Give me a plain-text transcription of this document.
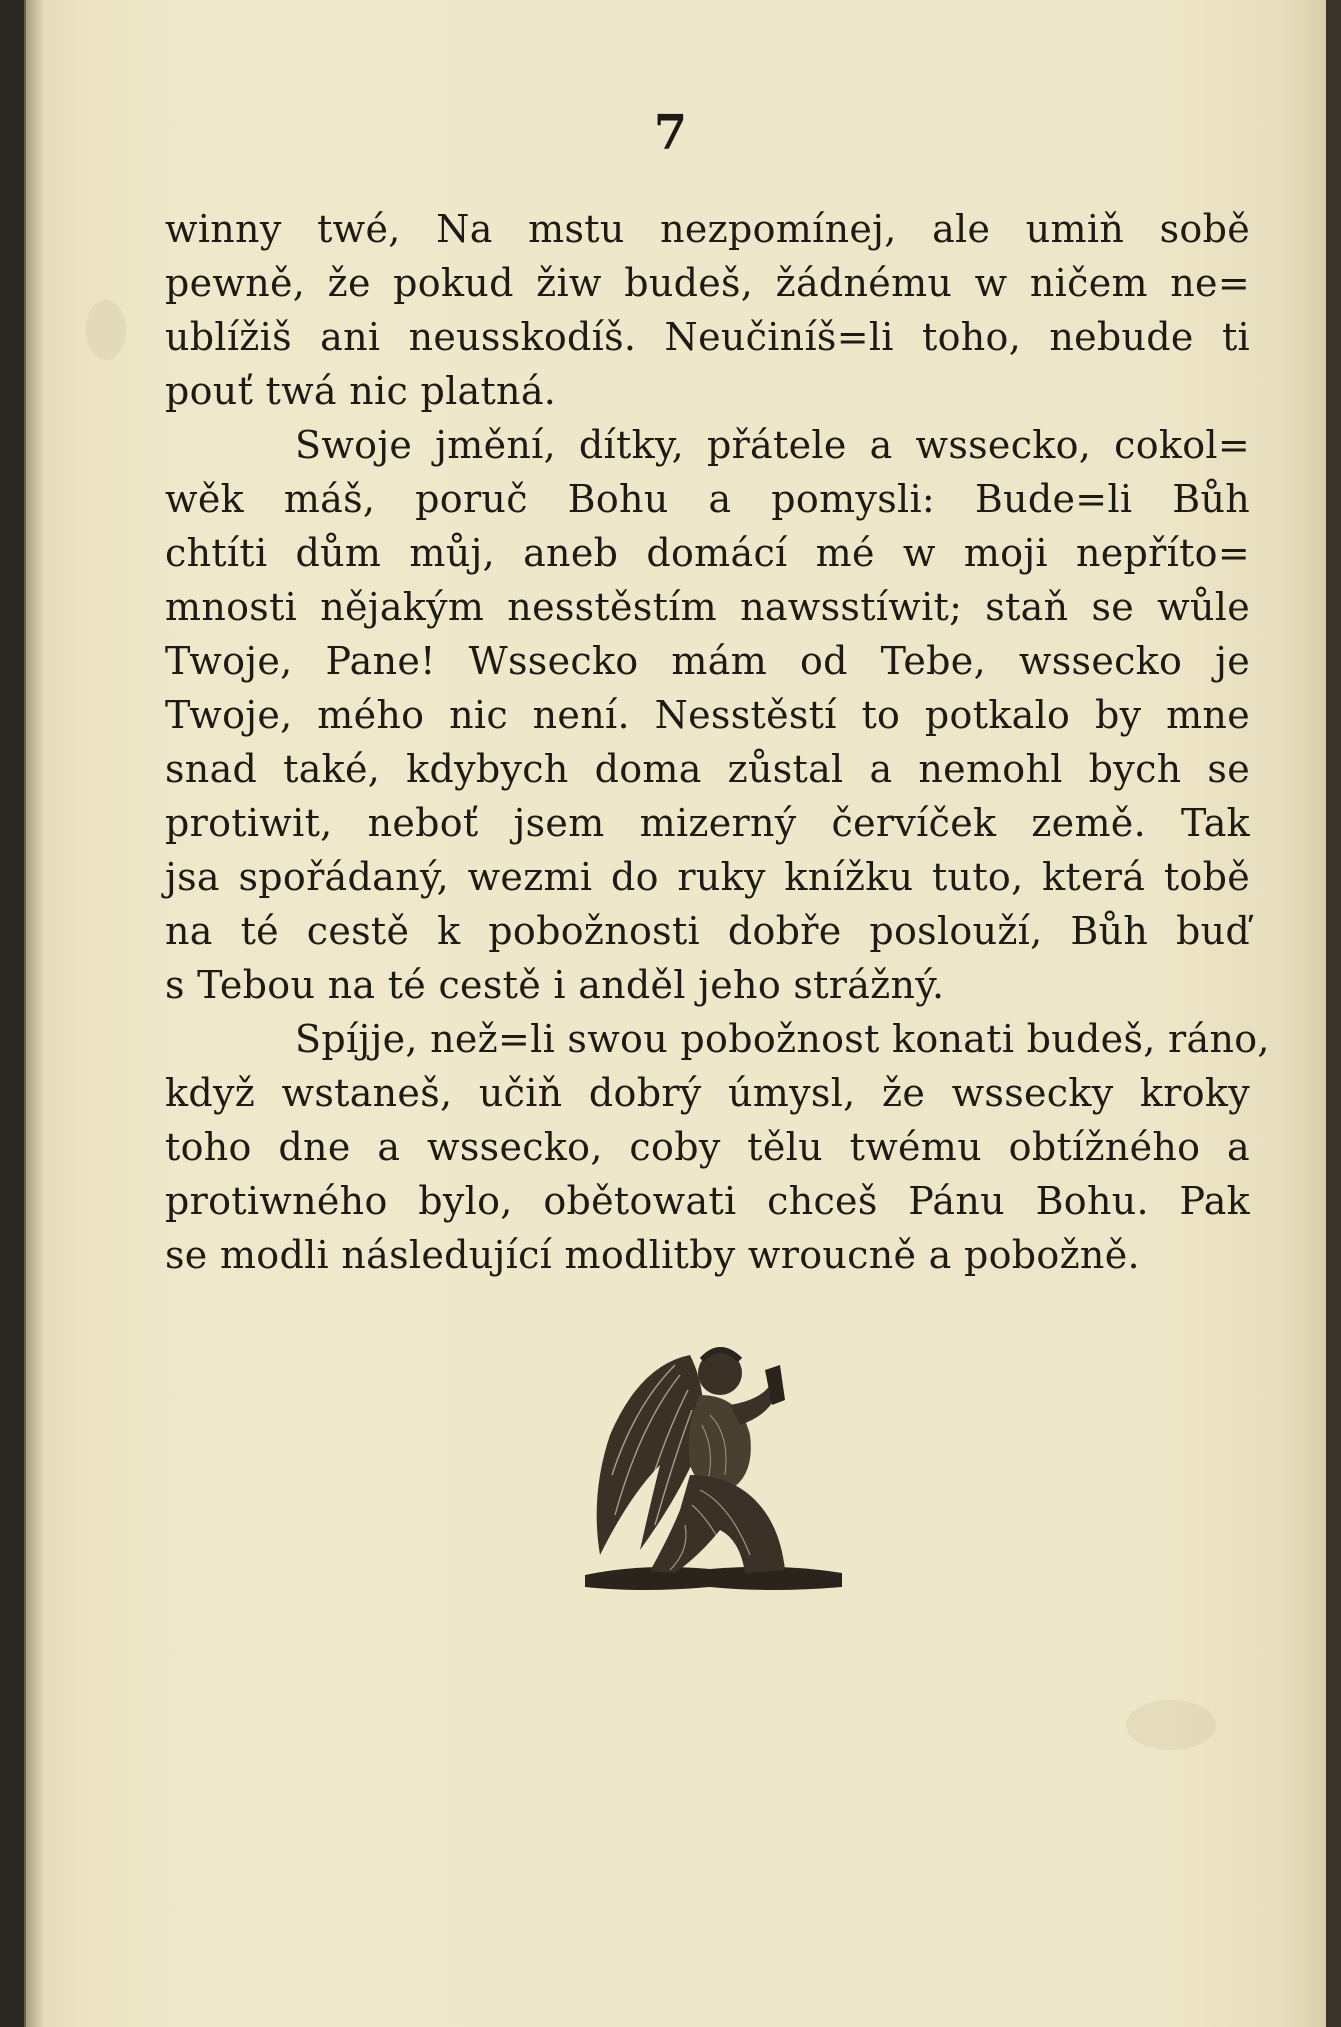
7
winny twé, Na mstu nezpomínej, ale umiň sobě
pewně, že pokud žiw budeš, žádnému w ničem ne=
ublížiš ani neusskodíš. Neučiníš=li toho, nebude ti
pouť twá nic platná.
Swoje jmění, dítky, přátele a wssecko, cokol=
wěk máš, poruč Bohu a pomysli: Bude=li Bůh
chtíti dům můj, aneb domácí mé w moji nepříto=
mnosti nějakým nesstěstím nawsstíwit; staň se wůle
Twoje, Pane! Wssecko mám od Tebe, wssecko je
Twoje, mého nic není. Nesstěstí to potkalo by mne
snad také, kdybych doma zůstal a nemohl bych se
protiwit, neboť jsem mizerný červíček země. Tak
jsa spořádaný, wezmi do ruky knížku tuto, která tobě
na té cestě k pobožnosti dobře poslouží, Bůh buď
s Tebou na té cestě i anděl jeho strážný.
Spíjje, než=li swou pobožnost konati budeš, ráno,
když wstaneš, učiň dobrý úmysl, že wssecky kroky
toho dne a wssecko, coby tělu twému obtížného a
protiwného bylo, obětowati chceš Pánu Bohu. Pak
se modli následující modlitby wroucně a pobožně.
